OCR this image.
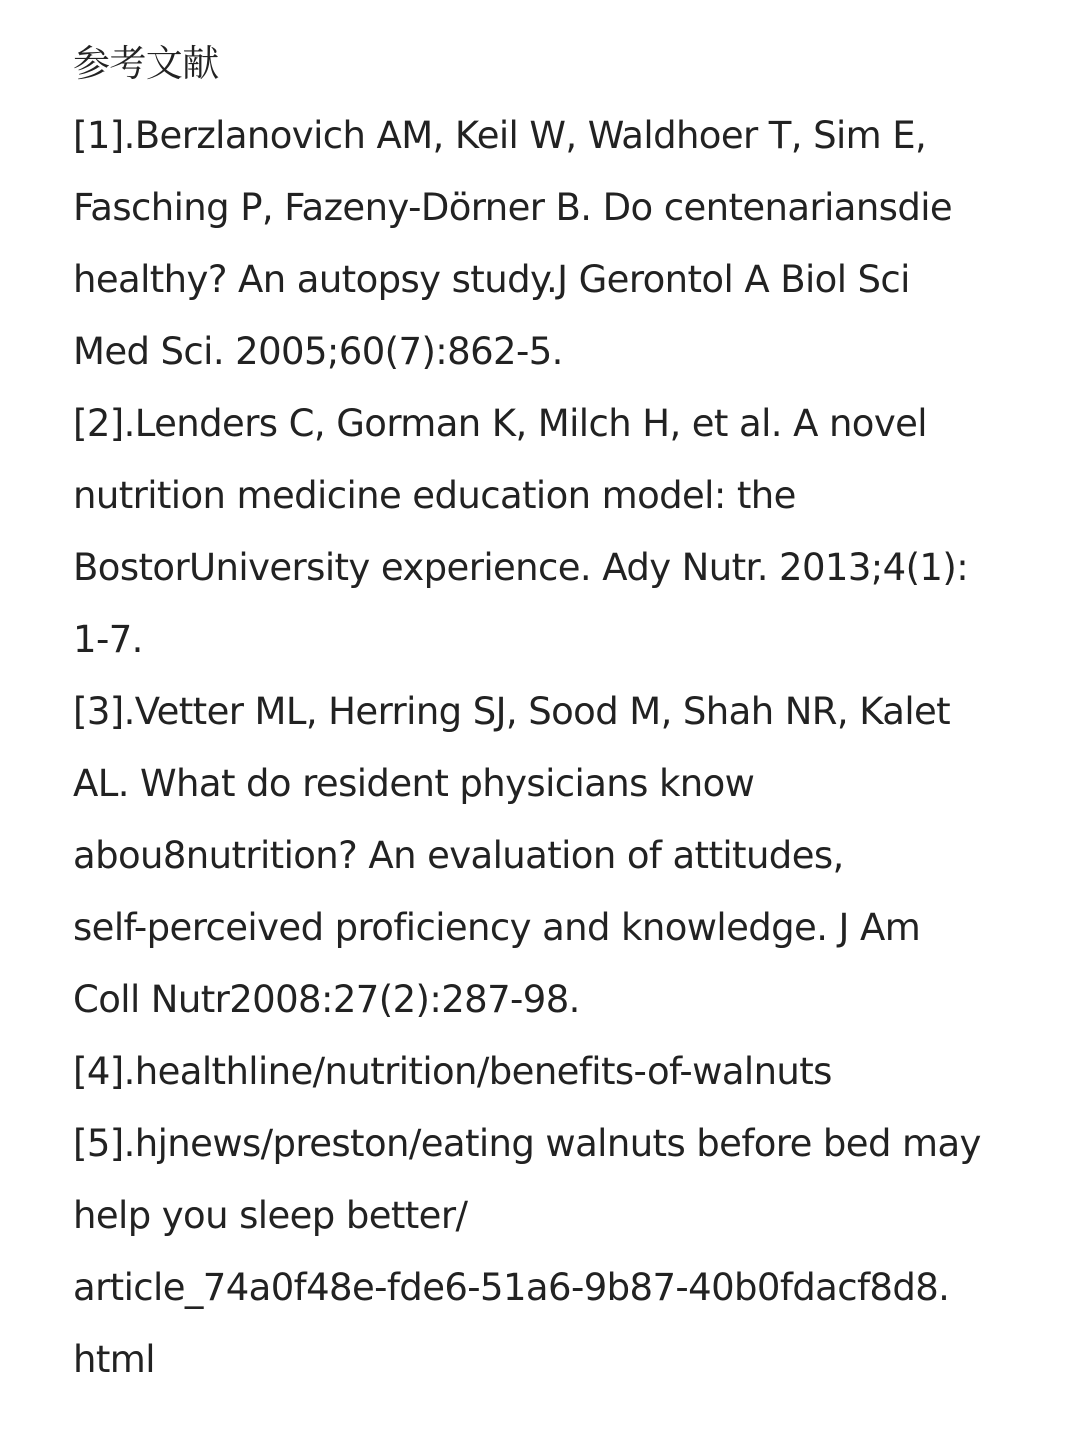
参考文献
[1].Berzlanovich AM, Keil W, Waldhoer T, Sim E,
Fasching P, Fazeny-Dörner B. Do centenariansdie
healthy? An autopsy study.J Gerontol A Biol Sci
Med Sci. 2005;60(7):862-5.
[2].Lenders C, Gorman K, Milch H, et al. A novel
nutrition medicine education model: the
BostorUniversity experience. Ady Nutr. 2013;4(1):
1-7.
[3].Vetter ML, Herring SJ, Sood M, Shah NR, Kalet
AL. What do resident physicians know
abou8nutrition? An evaluation of attitudes,
self-perceived proficiency and knowledge. J Am
Coll Nutr2008:27(2):287-98.
[4].healthline/nutrition/benefits-of-walnuts
[5].hjnews/preston/eating walnuts before bed may
help you sleep better/
article_74a0f48e-fde6-51a6-9b87-40b0fdacf8d8.
html
